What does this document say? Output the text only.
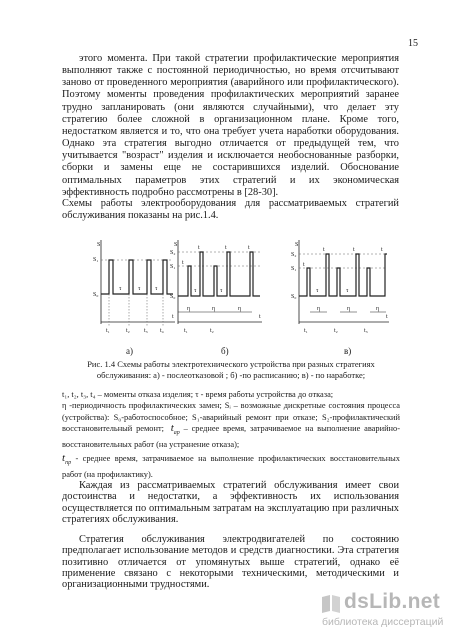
15

этого момента. При такой стратегии профилактические мероприятия выполняют также с постоянной периодичностью, но время отсчитывают заново от проведенного мероприятия (аварийного или профилактического). Поэтому моменты проведения профилактических мероприятий заранее трудно запланировать (они являются случайными), что делает эту стратегию более сложной в организационном плане. Кроме того, недостатком является и то, что она требует учета наработки оборудования. Однако эта стратегия выгодно отличается от предыдущей тем, что учитывается "возраст" изделия и исключается необоснованные разборки, сборки и замены еще не состарившихся изделий. Обоснование оптимальных параметров этих стратегий и их экономическая эффективность подробно рассмотрены в [28-30].

Схемы работы электрооборудования для рассматриваемых стратегий обслуживания показаны на рис.1.4.

S
t
S₁
S₀
τ	τ τ
t₁	t₂ t₃ t₄
S
t
S₂
S₁
S₀
t
t	t	t
τ	τ
η	η	η
t₁	t₂
S
t
S₂
S₁
S₀
t
t	t	t
τ	τ
η	η	η
t₁	t₂	t₃
а)	б)	в)
Рис. 1.4 Схемы работы электротехнического устройства при разных стратегиях обслуживания: а) - послеотказовой ; б) -по расписанию; в) - по наработке;
t₁, t₂, t₃, t₄ – моменты отказа изделия; τ - время работы устройства до отказа;
η -периодичность профилактических замен; Sᵢ – возможные дискретные состояния процесса (устройства): S₀-работоспособное; S₁-аварийный ремонт при отказе; S₂-профилактический восстановительный ремонт; $t_{ар}$ – среднее время, затрачиваемое на выполнение аварийно-восстановительных работ (на устранение отказа);
$t_{пр}$ - среднее время, затрачиваемое на выполнение профилактических восстановительных работ (на профилактику).

Каждая из рассматриваемых стратегий обслуживания имеет свои достоинства и недостатки, а эффективность их использования осуществляется по оптимальным затратам на эксплуатацию при различных стратегиях обслуживания.

Стратегия обслуживания электродвигателей по состоянию предполагает использование методов и средств диагностики. Эта стратегия позитивно отличается от упомянутых выше стратегий, однако её применение связано с некоторыми техническими, методическими и организационными трудностями.

dsLib.net
библиотека диссертаций
